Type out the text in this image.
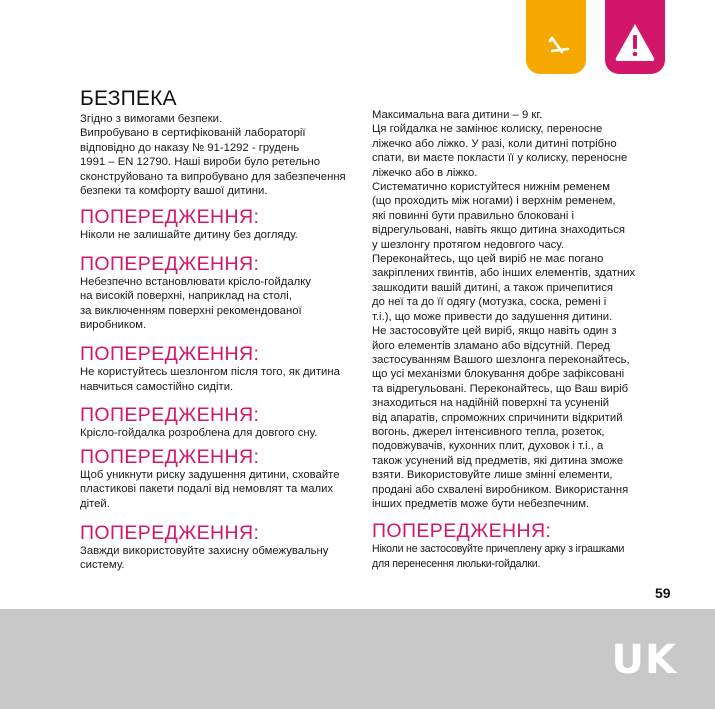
БЕЗПЕКА

Згідно з вимогами безпеки.
Випробувано в сертифікованій лабораторії
відповідно до наказу № 91-1292 - грудень
1991 – EN 12790. Наші вироби було ретельно
сконструйовано та випробувано для забезпечення
безпеки та комфорту вашої дитини.

ПОПЕРЕДЖЕННЯ:

Ніколи не залишайте дитину без догляду.

ПОПЕРЕДЖЕННЯ:

Небезпечно встановлювати крісло-гойдалку
на високій поверхні, наприклад на столі,
за виключенням поверхні рекомендованої
виробником.

ПОПЕРЕДЖЕННЯ:

Не користуйтесь шезлонгом після того, як дитина
навчиться самостійно сидіти.

ПОПЕРЕДЖЕННЯ:

Крісло-гойдалка розроблена для довгого сну.

ПОПЕРЕДЖЕННЯ:

Щоб уникнути риску задушення дитини, сховайте
пластикові пакети подалі від немовлят та малих
дітей.

ПОПЕРЕДЖЕННЯ:

Завжди використовуйте захисну обмежувальну
систему.

Максимальна вага дитини – 9 кг.
Ця гойдалка не замінює колиску, переносне
ліжечко або ліжко. У разі, коли дитині потрібно
спати, ви маєте покласти її у колиску, переносне
ліжечко або в ліжко.
Систематично користуйтеся нижнім ременем
(що проходить між ногами) і верхнім ременем,
які повинні бути правильно блоковані і
відрегульовані, навіть якщо дитина знаходиться
у шезлонгу протягом недовгого часу.
Переконайтесь, що цей виріб не має погано
закріплених гвинтів, або інших елементів, здатних
зашкодити вашій дитині, а також причепитися
до неї та до її одягу (мотузка, соска, ремені і
т.і.), що може привести до задушення дитини.
Не застосовуйте цей виріб, якщо навіть один з
його елементів зламано або відсутній. Перед
застосуванням Вашого шезлонга переконайтесь,
що усі механізми блокування добре зафіксовані
та відрегульовані. Переконайтесь, що Ваш виріб
знаходиться на надійній поверхні та усуненій
від апаратів, спроможних спричинити відкритий
вогонь, джерел інтенсивного тепла, розеток,
подовжувачів, кухонних плит, духовок і т.і., а
також усунений від предметів, які дитина зможе
взяти. Використовуйте лише змінні елементи,
продані або схвалені виробником. Використання
інших предметів може бути небезпечним.

ПОПЕРЕДЖЕННЯ:

Ніколи не застосовуйте причеплену арку з іграшками
для перенесення люльки-гойдалки.

59
UK
